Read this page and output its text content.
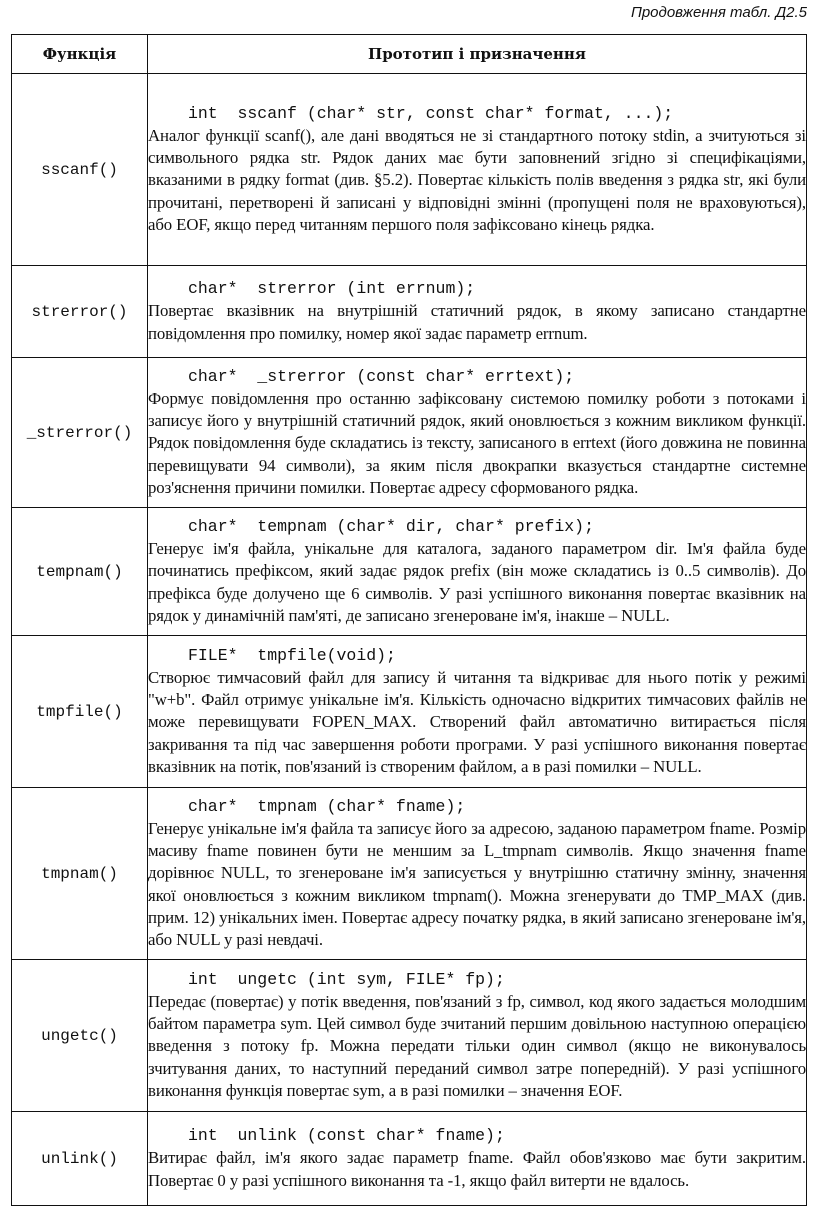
Продовження табл. Д2.5
Функція	Прототип і призначення
sscanf()	int  sscanf (char* str, const char* format, ...);
Аналог функції scanf(), але дані вводяться не зі стандартного потоку stdin, а зчитуються зі символьного рядка str. Рядок даних має бути заповнений згідно зі специфікаціями, вказаними в рядку format (див. §5.2). Повертає кількість полів введення з рядка str, які були прочитані, перетворені й записані у відповідні змінні (пропущені поля не враховуються), або EOF, якщо перед читанням першого поля зафіксовано кінець рядка.

strerror()	char*  strerror (int errnum);
Повертає вказівник на внутрішній статичний рядок, в якому записано стандартне повідомлення про помилку, номер якої задає параметр errnum.

_strerror()	char*  _strerror (const char* errtext);
Формує повідомлення про останню зафіксовану системою помилку роботи з потоками і записує його у внутрішній статичний рядок, який оновлюється з кожним викликом функції. Рядок повідомлення буде складатись із тексту, записаного в errtext (його довжина не повинна перевищувати 94 символи), за яким після двокрапки вказується стандартне системне роз'яснення причини помилки. Повертає адресу сформованого рядка.

tempnam()	char*  tempnam (char* dir, char* prefix);
Генерує ім'я файла, унікальне для каталога, заданого параметром dir. Ім'я файла буде починатись префіксом, який задає рядок prefix (він може складатись із 0..5 символів). До префікса буде долучено ще 6 символів. У разі успішного виконання повертає вказівник на рядок у динамічній пам'яті, де записано згенероване ім'я, інакше – NULL.

tmpfile()	FILE*  tmpfile(void);
Створює тимчасовий файл для запису й читання та відкриває для нього потік у режимі "w+b". Файл отримує унікальне ім'я. Кількість одночасно відкритих тимчасових файлів не може перевищувати FOPEN_MAX. Створений файл автоматично витирається після закривання та під час завершення роботи програми. У разі успішного виконання повертає вказівник на потік, пов'язаний із створеним файлом, а в разі помилки – NULL.

tmpnam()	char*  tmpnam (char* fname);
Генерує унікальне ім'я файла та записує його за адресою, заданою параметром fname. Розмір масиву fname повинен бути не меншим за L_tmpnam символів. Якщо значення fname дорівнює NULL, то згенероване ім'я записується у внутрішню статичну змінну, значення якої оновлюється з кожним викликом tmpnam(). Можна згенерувати до TMP_MAX (див. прим. 12) унікальних імен. Повертає адресу початку рядка, в який записано згенероване ім'я, або NULL у разі невдачі.

ungetc()	int  ungetc (int sym, FILE* fp);
Передає (повертає) у потік введення, пов'язаний з fp, символ, код якого задається молодшим байтом параметра sym. Цей символ буде зчитаний першим довільною наступною операцією введення з потоку fp. Можна передати тільки один символ (якщо не виконувалось зчитування даних, то наступний переданий символ затре попередній). У разі успішного виконання функція повертає sym, а в разі помилки – значення EOF.

unlink()	int  unlink (const char* fname);
Витирає файл, ім'я якого задає параметр fname. Файл обов'язково має бути закритим. Повертає 0 у разі успішного виконання та -1, якщо файл витерти не вдалось.
